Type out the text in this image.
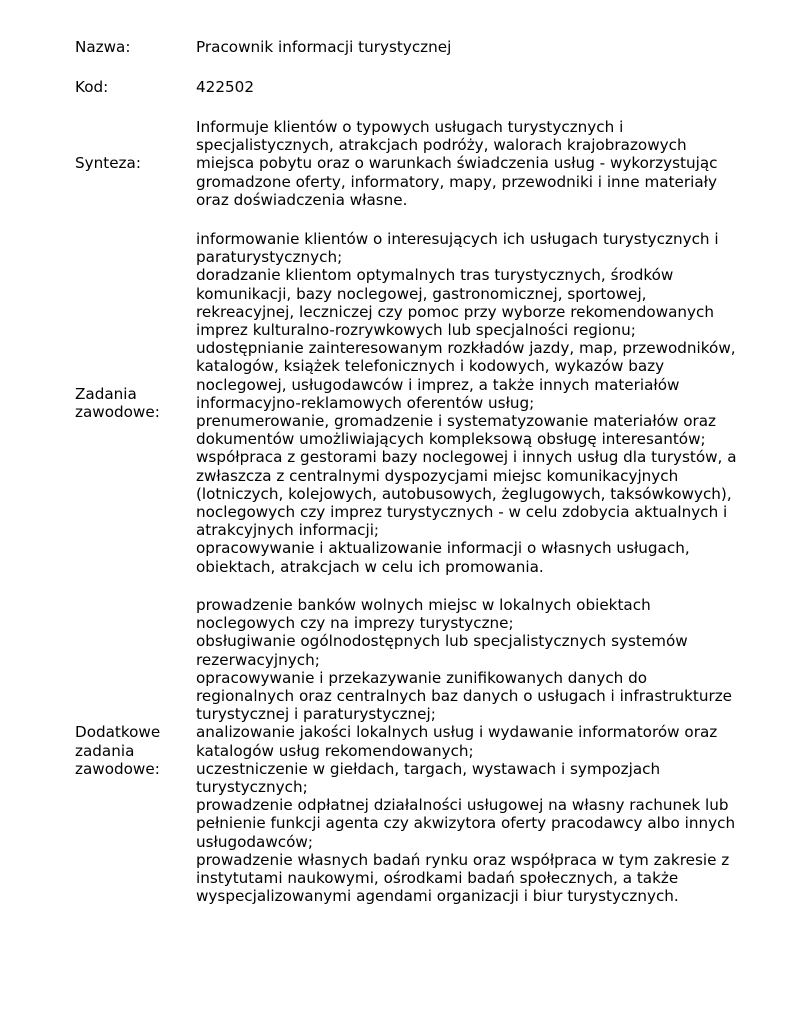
Nazwa:	Pracownik informacji turystycznej
Kod:	422502
Synteza:
Informuje klientów o typowych usługach turystycznych i
specjalistycznych, atrakcjach podróży, walorach krajobrazowych
miejsca pobytu oraz o warunkach świadczenia usług - wykorzystując
gromadzone oferty, informatory, mapy, przewodniki i inne materiały
oraz doświadczenia własne.
Zadania
zawodowe:
informowanie klientów o interesujących ich usługach turystycznych i
paraturystycznych;
doradzanie klientom optymalnych tras turystycznych, środków
komunikacji, bazy noclegowej, gastronomicznej, sportowej,
rekreacyjnej, leczniczej czy pomoc przy wyborze rekomendowanych
imprez kulturalno-rozrywkowych lub specjalności regionu;
udostępnianie zainteresowanym rozkładów jazdy, map, przewodników,
katalogów, książek telefonicznych i kodowych, wykazów bazy
noclegowej, usługodawców i imprez, a także innych materiałów
informacyjno-reklamowych oferentów usług;
prenumerowanie, gromadzenie i systematyzowanie materiałów oraz
dokumentów umożliwiających kompleksową obsługę interesantów;
współpraca z gestorami bazy noclegowej i innych usług dla turystów, a
zwłaszcza z centralnymi dyspozycjami miejsc komunikacyjnych
(lotniczych, kolejowych, autobusowych, żeglugowych, taksówkowych),
noclegowych czy imprez turystycznych - w celu zdobycia aktualnych i
atrakcyjnych informacji;
opracowywanie i aktualizowanie informacji o własnych usługach,
obiektach, atrakcjach w celu ich promowania.
Dodatkowe
zadania
zawodowe:
prowadzenie banków wolnych miejsc w lokalnych obiektach
noclegowych czy na imprezy turystyczne;
obsługiwanie ogólnodostępnych lub specjalistycznych systemów
rezerwacyjnych;
opracowywanie i przekazywanie zunifikowanych danych do
regionalnych oraz centralnych baz danych o usługach i infrastrukturze
turystycznej i paraturystycznej;
analizowanie jakości lokalnych usług i wydawanie informatorów oraz
katalogów usług rekomendowanych;
uczestniczenie w giełdach, targach, wystawach i sympozjach
turystycznych;
prowadzenie odpłatnej działalności usługowej na własny rachunek lub
pełnienie funkcji agenta czy akwizytora oferty pracodawcy albo innych
usługodawców;
prowadzenie własnych badań rynku oraz współpraca w tym zakresie z
instytutami naukowymi, ośrodkami badań społecznych, a także
wyspecjalizowanymi agendami organizacji i biur turystycznych.
